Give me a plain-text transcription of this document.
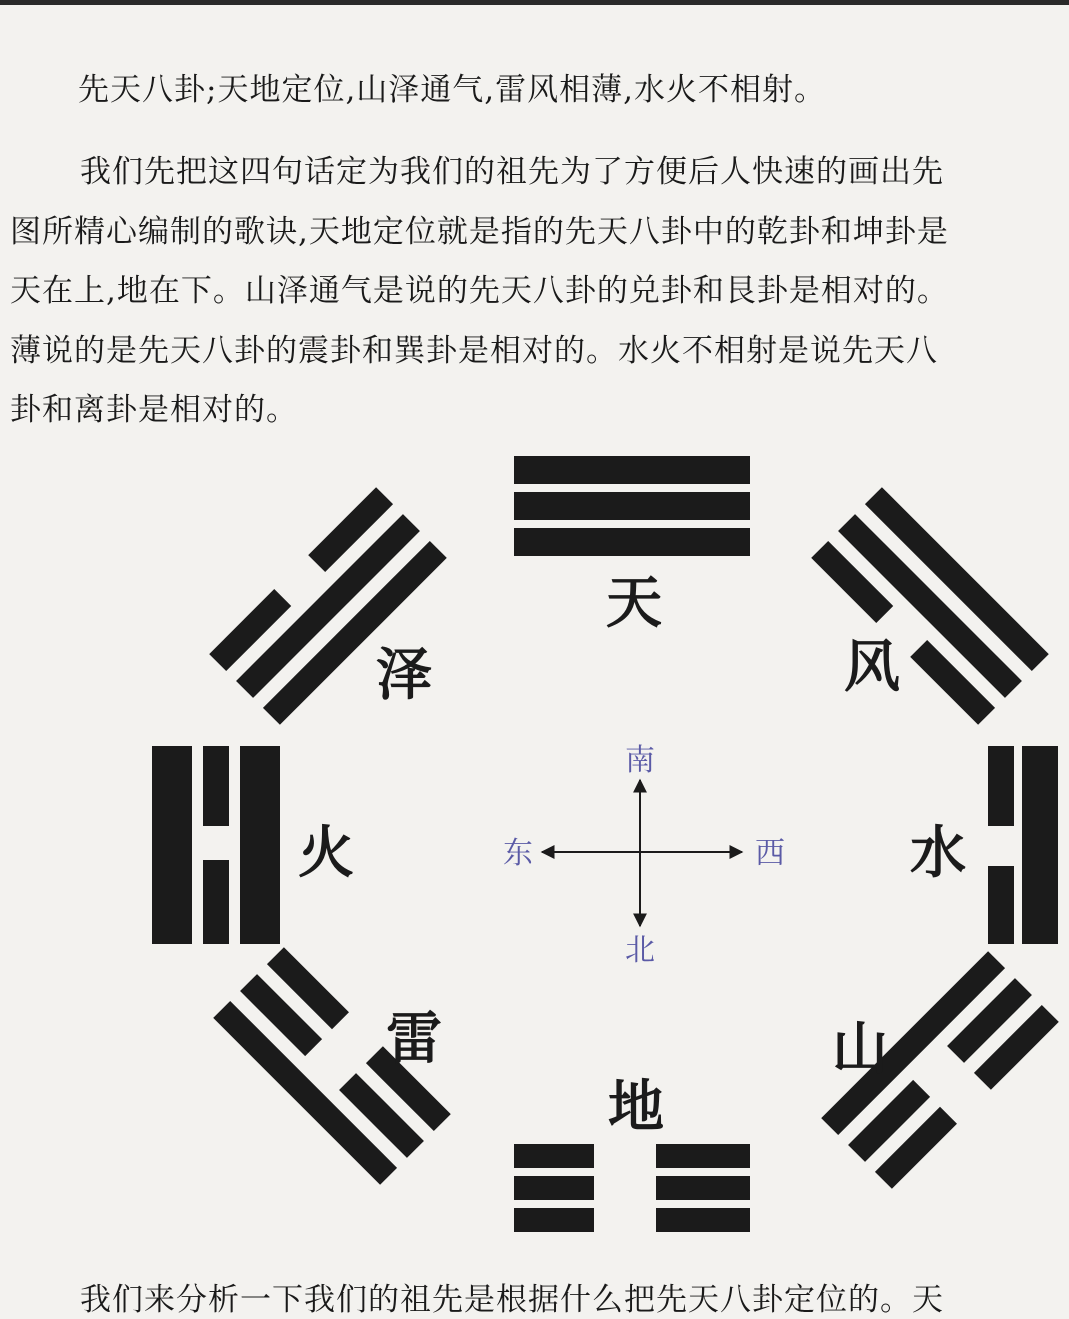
先天八卦;天地定位,山泽通气,雷风相薄,水火不相射。
我们先把这四句话定为我们的祖先为了方便后人快速的画出先
图所精心编制的歌诀,天地定位就是指的先天八卦中的乾卦和坤卦是
天在上,地在下。山泽通气是说的先天八卦的兑卦和艮卦是相对的。
薄说的是先天八卦的震卦和巽卦是相对的。水火不相射是说先天八
卦和离卦是相对的。
天
泽	风
火	水
雷	山
地
南
北
东	西
我们来分析一下我们的祖先是根据什么把先天八卦定位的。天
